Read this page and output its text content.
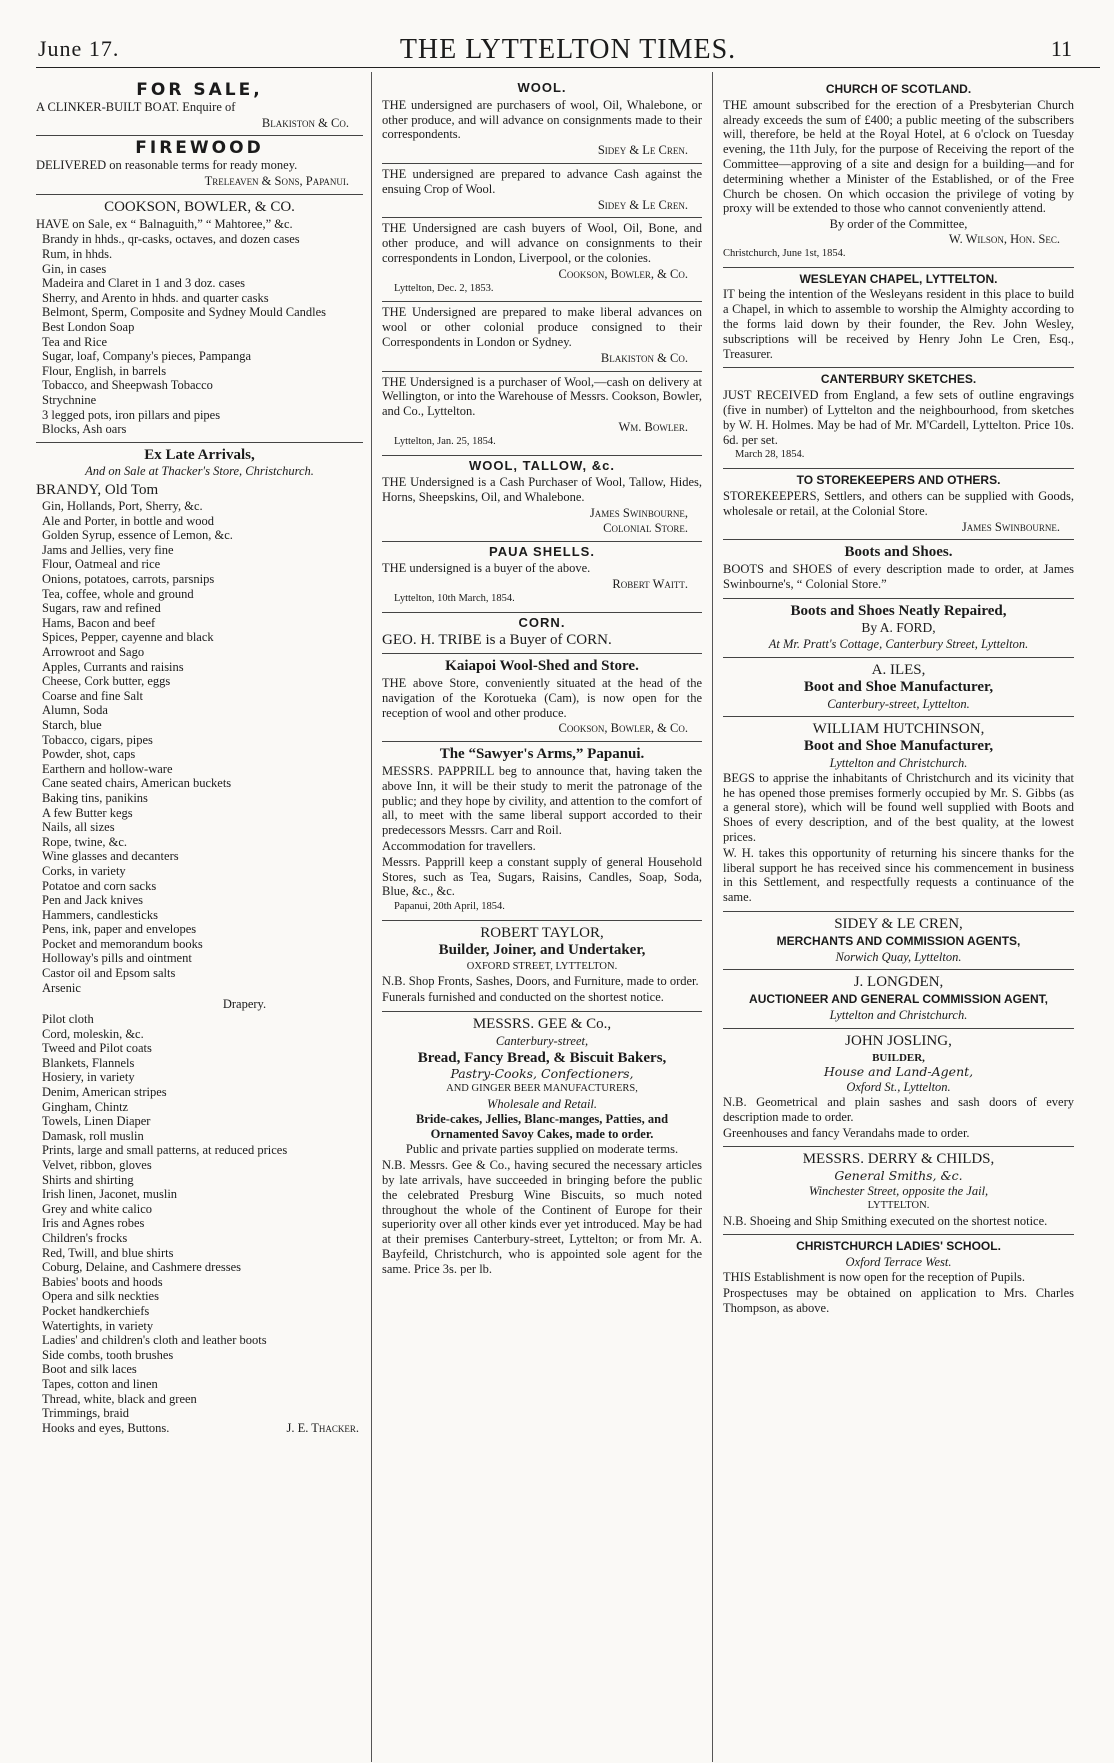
June 17.	THE LYTTELTON TIMES.	11
FOR SALE,

A CLINKER-BUILT BOAT. Enquire of

Blakiston & Co.
FIREWOOD

DELIVERED on reasonable terms for ready money.

Treleaven & Sons, Papanui.
COOKSON, BOWLER, & CO.

HAVE on Sale, ex “ Balnaguith,” “ Mahtoree,” &c.

Brandy in hhds., qr-casks, octaves, and dozen cases
Rum, in hhds.
Gin, in cases
Madeira and Claret in 1 and 3 doz. cases
Sherry, and Arento in hhds. and quarter casks
Belmont, Sperm, Composite and Sydney Mould Candles
Best London Soap
Tea and Rice
Sugar, loaf, Company's pieces, Pampanga
Flour, English, in barrels
Tobacco, and Sheepwash Tobacco
Strychnine
3 legged pots, iron pillars and pipes
Blocks, Ash oars
Ex Late Arrivals,
And on Sale at Thacker's Store, Christchurch.

BRANDY, Old Tom

Gin, Hollands, Port, Sherry, &c.
Ale and Porter, in bottle and wood
Golden Syrup, essence of Lemon, &c.
Jams and Jellies, very fine
Flour, Oatmeal and rice
Onions, potatoes, carrots, parsnips
Tea, coffee, whole and ground
Sugars, raw and refined
Hams, Bacon and beef
Spices, Pepper, cayenne and black
Arrowroot and Sago
Apples, Currants and raisins
Cheese, Cork butter, eggs
Coarse and fine Salt
Alumn, Soda
Starch, blue
Tobacco, cigars, pipes
Powder, shot, caps
Earthern and hollow-ware
Cane seated chairs, American buckets
Baking tins, panikins
A few Butter kegs
Nails, all sizes
Rope, twine, &c.
Wine glasses and decanters
Corks, in variety
Potatoe and corn sacks
Pen and Jack knives
Hammers, candlesticks
Pens, ink, paper and envelopes
Pocket and memorandum books
Holloway's pills and ointment
Castor oil and Epsom salts
Arsenic
Drapery.
Pilot cloth
Cord, moleskin, &c.
Tweed and Pilot coats
Blankets, Flannels
Hosiery, in variety
Denim, American stripes
Gingham, Chintz
Towels, Linen Diaper
Damask, roll muslin
Prints, large and small patterns, at reduced prices
Velvet, ribbon, gloves
Shirts and shirting
Irish linen, Jaconet, muslin
Grey and white calico
Iris and Agnes robes
Children's frocks
Red, Twill, and blue shirts
Coburg, Delaine, and Cashmere dresses
Babies' boots and hoods
Opera and silk neckties
Pocket handkerchiefs
Watertights, in variety
Ladies' and children's cloth and leather boots
Side combs, tooth brushes
Boot and silk laces
Tapes, cotton and linen
Thread, white, black and green
Trimmings, braid
Hooks and eyes, Buttons.	J. E. Thacker.
WOOL.

THE undersigned are purchasers of wool, Oil, Whalebone, or other produce, and will advance on consignments made to their correspondents.

Sidey & Le Cren.

THE undersigned are prepared to advance Cash against the ensuing Crop of Wool.

Sidey & Le Cren.

THE Undersigned are cash buyers of Wool, Oil, Bone, and other produce, and will advance on consignments to their correspondents in London, Liverpool, or the colonies.

Cookson, Bowler, & Co.
Lyttelton, Dec. 2, 1853.

THE Undersigned are prepared to make liberal advances on wool or other colonial produce consigned to their Correspondents in London or Sydney.

Blakiston & Co.

THE Undersigned is a purchaser of Wool,—cash on delivery at Wellington, or into the Warehouse of Messrs. Cookson, Bowler, and Co., Lyttelton.

Wm. Bowler.
Lyttelton, Jan. 25, 1854.
WOOL, TALLOW, &c.

THE Undersigned is a Cash Purchaser of Wool, Tallow, Hides, Horns, Sheepskins, Oil, and Whalebone.

James Swinbourne,
Colonial Store.
PAUA SHELLS.

THE undersigned is a buyer of the above.

Robert Waitt.
Lyttelton, 10th March, 1854.
CORN.

GEO. H. TRIBE is a Buyer of CORN.

Kaiapoi Wool-Shed and Store.

THE above Store, conveniently situated at the head of the navigation of the Korotueka (Cam), is now open for the reception of wool and other produce.

Cookson, Bowler, & Co.
The “Sawyer's Arms,” Papanui.

MESSRS. PAPPRILL beg to announce that, having taken the above Inn, it will be their study to merit the patronage of the public; and they hope by civility, and attention to the comfort of all, to meet with the same liberal support accorded to their predecessors Messrs. Carr and Roil.

Accommodation for travellers.

Messrs. Papprill keep a constant supply of general Household Stores, such as Tea, Sugars, Raisins, Candles, Soap, Soda, Blue, &c., &c.

Papanui, 20th April, 1854.
ROBERT TAYLOR,
Builder, Joiner, and Undertaker,
OXFORD STREET, LYTTELTON.

N.B. Shop Fronts, Sashes, Doors, and Furniture, made to order.

Funerals furnished and conducted on the shortest notice.

MESSRS. GEE & Co.,
Canterbury-street,
Bread, Fancy Bread, & Biscuit Bakers,
Pastry-Cooks, Confectioners,
AND GINGER BEER MANUFACTURERS,
Wholesale and Retail.

Bride-cakes, Jellies, Blanc-manges, Patties, and Ornamented Savoy Cakes, made to order.

Public and private parties supplied on moderate terms.

N.B. Messrs. Gee & Co., having secured the necessary articles by late arrivals, have succeeded in bringing before the public the celebrated Presburg Wine Biscuits, so much noted throughout the whole of the Continent of Europe for their superiority over all other kinds ever yet introduced. May be had at their premises Canterbury-street, Lyttelton; or from Mr. A. Bayfeild, Christchurch, who is appointed sole agent for the same. Price 3s. per lb.

CHURCH OF SCOTLAND.

THE amount subscribed for the erection of a Presbyterian Church already exceeds the sum of £400; a public meeting of the subscribers will, therefore, be held at the Royal Hotel, at 6 o'clock on Tuesday evening, the 11th July, for the purpose of Receiving the report of the Committee—approving of a site and design for a building—and for determining whether a Minister of the Established, or of the Free Church be chosen. On which occasion the privilege of voting by proxy will be extended to those who cannot conveniently attend.

By order of the Committee,
W. Wilson, Hon. Sec.
Christchurch, June 1st, 1854.
WESLEYAN CHAPEL, LYTTELTON.

IT being the intention of the Wesleyans resident in this place to build a Chapel, in which to assemble to worship the Almighty according to the forms laid down by their founder, the Rev. John Wesley, subscriptions will be received by Henry John Le Cren, Esq., Treasurer.

CANTERBURY SKETCHES.

JUST RECEIVED from England, a few sets of outline engravings (five in number) of Lyttelton and the neighbourhood, from sketches by W. H. Holmes. May be had of Mr. M'Cardell, Lyttelton. Price 10s. 6d. per set.

March 28, 1854.
TO STOREKEEPERS AND OTHERS.

STOREKEEPERS, Settlers, and others can be supplied with Goods, wholesale or retail, at the Colonial Store.

James Swinbourne.
Boots and Shoes.

BOOTS and SHOES of every description made to order, at James Swinbourne's, “ Colonial Store.”

Boots and Shoes Neatly Repaired,
By A. FORD,
At Mr. Pratt's Cottage, Canterbury Street, Lyttelton.
A. ILES,
Boot and Shoe Manufacturer,
Canterbury-street, Lyttelton.
WILLIAM HUTCHINSON,
Boot and Shoe Manufacturer,
Lyttelton and Christchurch.

BEGS to apprise the inhabitants of Christchurch and its vicinity that he has opened those premises formerly occupied by Mr. S. Gibbs (as a general store), which will be found well supplied with Boots and Shoes of every description, and of the best quality, at the lowest prices.

W. H. takes this opportunity of returning his sincere thanks for the liberal support he has received since his commencement in business in this Settlement, and respectfully requests a continuance of the same.

SIDEY & LE CREN,
MERCHANTS AND COMMISSION AGENTS,
Norwich Quay, Lyttelton.
J. LONGDEN,
AUCTIONEER AND GENERAL COMMISSION AGENT,
Lyttelton and Christchurch.
JOHN JOSLING,
BUILDER,
House and Land-Agent,
Oxford St., Lyttelton.

N.B. Geometrical and plain sashes and sash doors of every description made to order.

Greenhouses and fancy Verandahs made to order.

MESSRS. DERRY & CHILDS,
General Smiths, &c.
Winchester Street, opposite the Jail,
LYTTELTON.

N.B. Shoeing and Ship Smithing executed on the shortest notice.

CHRISTCHURCH LADIES' SCHOOL.
Oxford Terrace West.

THIS Establishment is now open for the reception of Pupils.

Prospectuses may be obtained on application to Mrs. Charles Thompson, as above.
